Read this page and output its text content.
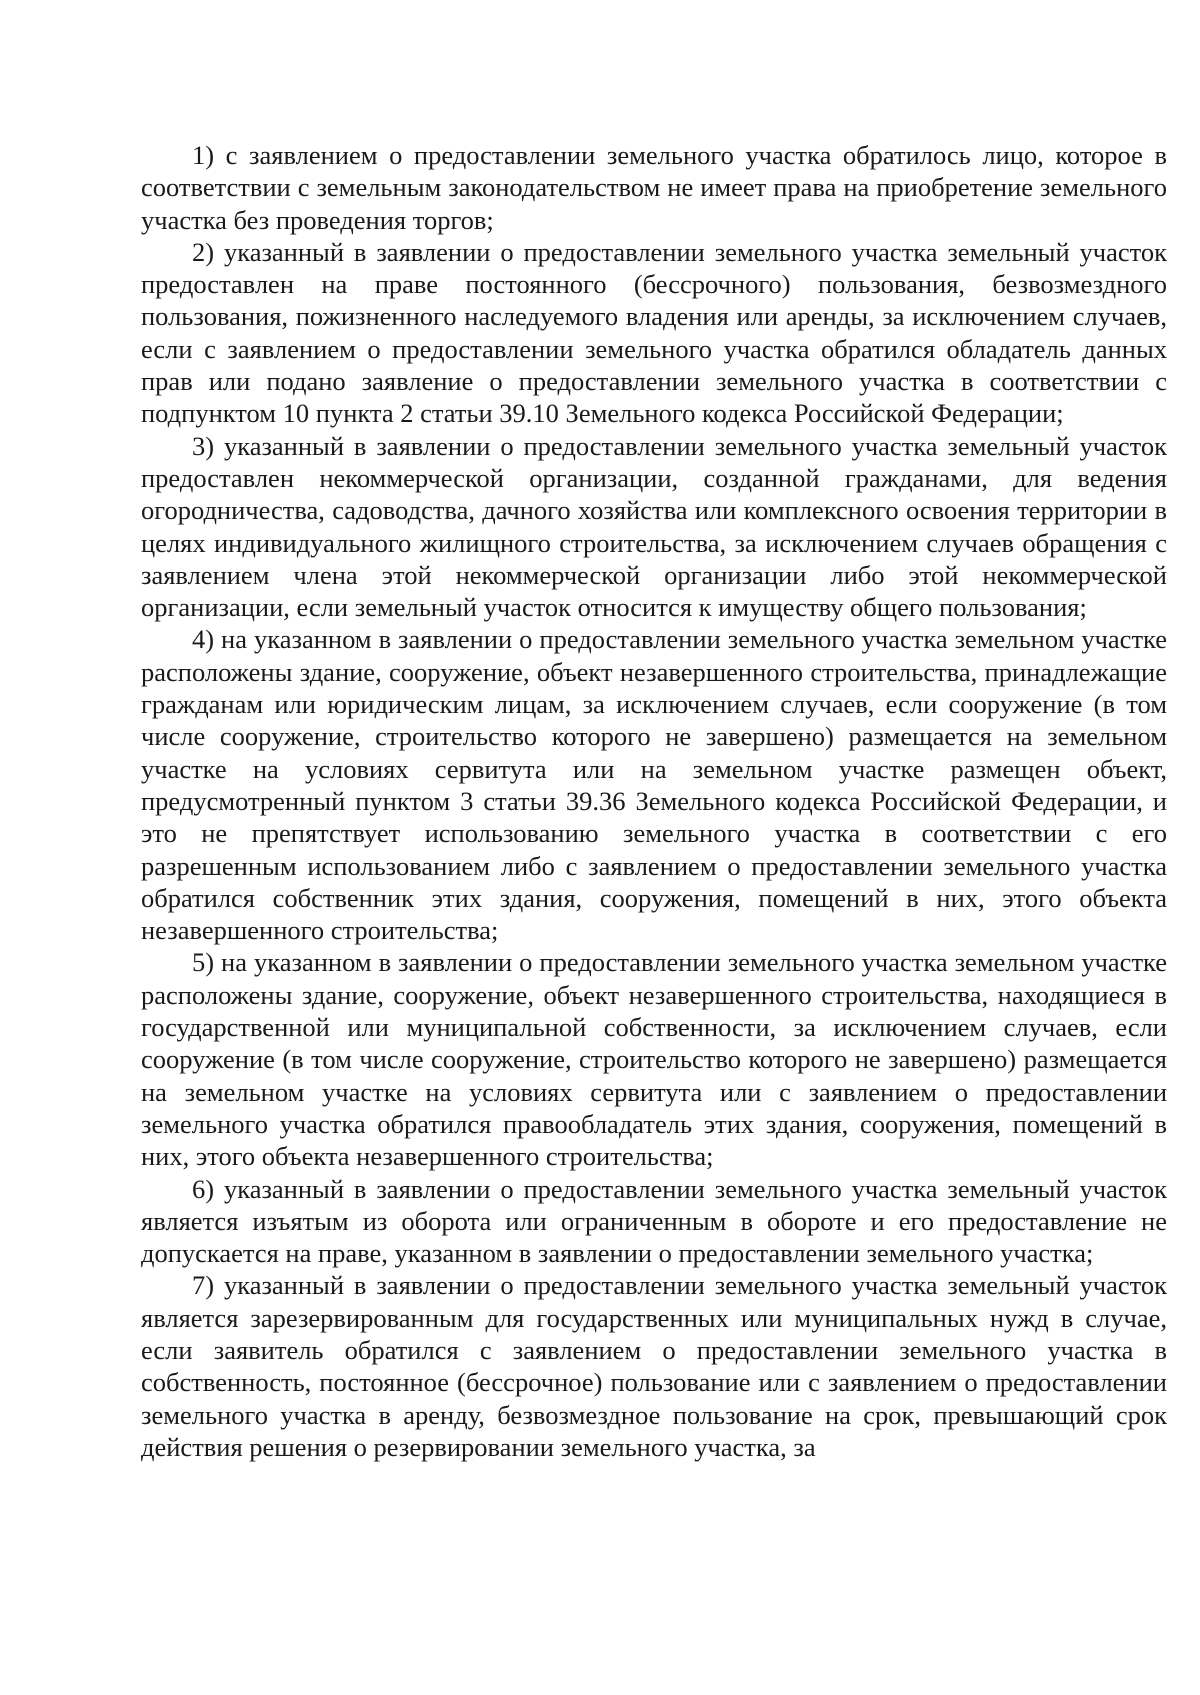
1) с заявлением о предоставлении земельного участка обратилось лицо, которое в соответствии с земельным законодательством не имеет права на приобретение земельного участка без проведения торгов;

2) указанный в заявлении о предоставлении земельного участка земельный участок предоставлен на праве постоянного (бессрочного) пользования, безвозмездного пользования, пожизненного наследуемого владения или аренды, за исключением случаев, если с заявлением о предоставлении земельного участка обратился обладатель данных прав или подано заявление о предоставлении земельного участка в соответствии с подпунктом 10 пункта 2 статьи 39.10 Земельного кодекса Российской Федерации;

3) указанный в заявлении о предоставлении земельного участка земельный участок предоставлен некоммерческой организации, созданной гражданами, для ведения огородничества, садоводства, дачного хозяйства или комплексного освоения территории в целях индивидуального жилищного строительства, за исключением случаев обращения с заявлением члена этой некоммерческой организации либо этой некоммерческой организации, если земельный участок относится к имуществу общего пользования;

4) на указанном в заявлении о предоставлении земельного участка земельном участке расположены здание, сооружение, объект незавершенного строительства, принадлежащие гражданам или юридическим лицам, за исключением случаев, если сооружение (в том числе сооружение, строительство которого не завершено) размещается на земельном участке на условиях сервитута или на земельном участке размещен объект, предусмотренный пунктом 3 статьи 39.36 Земельного кодекса Российской Федерации, и это не препятствует использованию земельного участка в соответствии с его разрешенным использованием либо с заявлением о предоставлении земельного участка обратился собственник этих здания, сооружения, помещений в них, этого объекта незавершенного строительства;

5) на указанном в заявлении о предоставлении земельного участка земельном участке расположены здание, сооружение, объект незавершенного строительства, находящиеся в государственной или муниципальной собственности, за исключением случаев, если сооружение (в том числе сооружение, строительство которого не завершено) размещается на земельном участке на условиях сервитута или с заявлением о предоставлении земельного участка обратился правообладатель этих здания, сооружения, помещений в них, этого объекта незавершенного строительства;

6) указанный в заявлении о предоставлении земельного участка земельный участок является изъятым из оборота или ограниченным в обороте и его предоставление не допускается на праве, указанном в заявлении о предоставлении земельного участка;

7) указанный в заявлении о предоставлении земельного участка земельный участок является зарезервированным для государственных или муниципальных нужд в случае, если заявитель обратился с заявлением о предоставлении земельного участка в собственность, постоянное (бессрочное) пользование или с заявлением о предоставлении земельного участка в аренду, безвозмездное пользование на срок, превышающий срок действия решения о резервировании земельного участка, за
